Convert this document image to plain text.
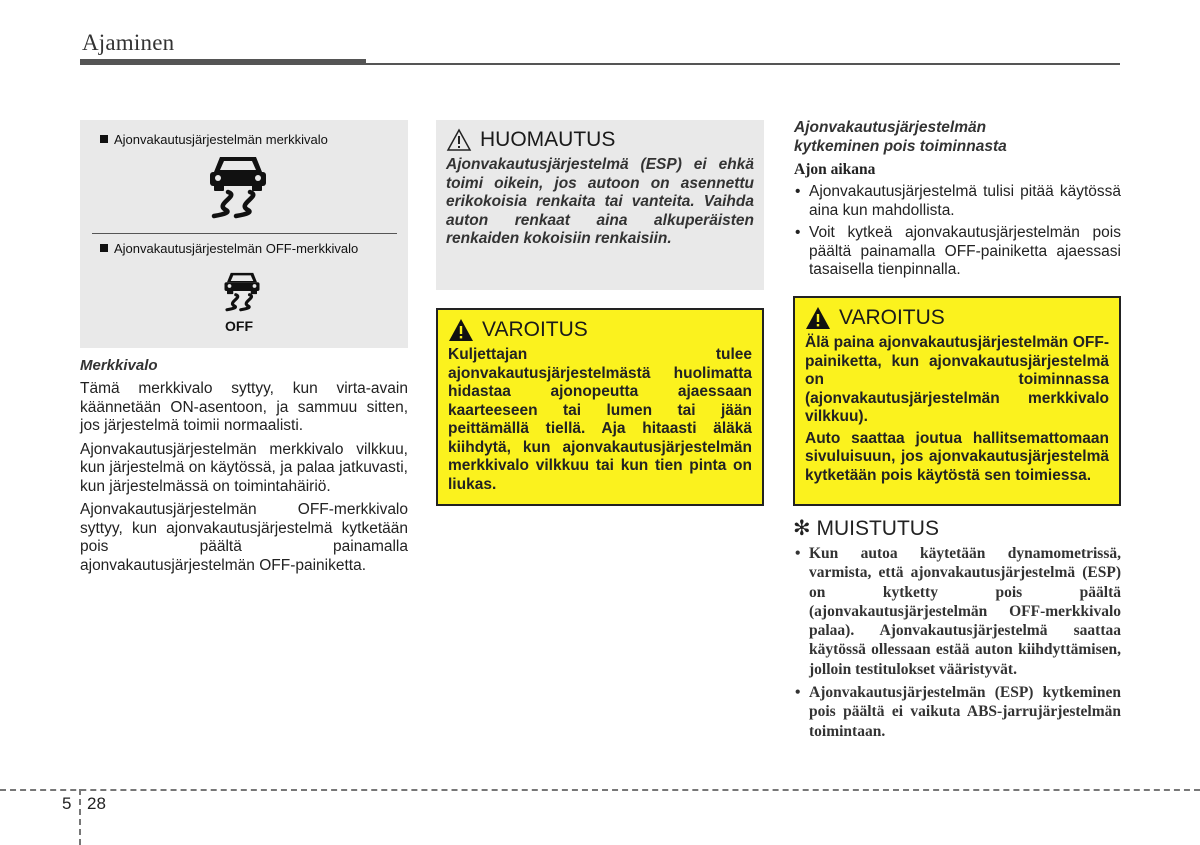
Ajaminen
Ajonvakautusjärjestelmän merkkivalo
Ajonvakautusjärjestelmän OFF-merkkivalo
OFF
Merkkivalo

Tämä merkkivalo syttyy, kun virta-avain käännetään ON-asentoon, ja sammuu sitten, jos järjestelmä toimii normaalisti.

Ajonvakautusjärjestelmän merkkivalo vilkkuu, kun järjestelmä on käytössä, ja palaa jatkuvasti, kun järjestelmässä on toimintahäiriö.

Ajonvakautusjärjestelmän OFF-merkkivalo syttyy, kun ajonvakautusjärjestelmä kytketään pois päältä painamalla ajonvakautusjärjestelmän OFF-painiketta.

HUOMAUTUS
Ajonvakautusjärjestelmä (ESP) ei ehkä toimi oikein, jos autoon on asennettu erikokoisia renkaita tai vanteita. Vaihda auton renkaat aina alkuperäisten renkaiden kokoisiin renkaisiin.
VAROITUS

Kuljettajan tulee ajonvakautusjärjestelmästä huolimatta hidastaa ajonopeutta ajaessaan kaarteeseen tai lumen tai jään peittämällä tiellä. Aja hitaasti äläkä kiihdytä, kun ajonvakautusjärjestelmän merkkivalo vilkkuu tai kun tien pinta on liukas.

Ajonvakautusjärjestelmän kytkeminen pois toiminnasta
Ajon aikana
• Ajonvakautusjärjestelmä tulisi pitää käytössä aina kun mahdollista.
• Voit kytkeä ajonvakautusjärjestelmän pois päältä painamalla OFF-painiketta ajaessasi tasaisella tienpinnalla.
VAROITUS

Älä paina ajonvakautusjärjestelmän OFF-painiketta, kun ajonvakautusjärjestelmä on toiminnassa (ajonvakautusjärjestelmän merkkivalo vilkkuu).

Auto saattaa joutua hallitsemattomaan sivuluisuun, jos ajonvakautusjärjestelmä kytketään pois käytöstä sen toimiessa.

✻ MUISTUTUS
• Kun autoa käytetään dynamometrissä, varmista, että ajonvakautusjärjestelmä (ESP) on kytketty pois päältä (ajonvakautusjärjestelmän OFF-merkkivalo palaa). Ajonvakautusjärjestelmä saattaa käytössä ollessaan estää auton kiihdyttämisen, jolloin testitulokset vääristyvät.
• Ajonvakautusjärjestelmän (ESP) kytkeminen pois päältä ei vaikuta ABS-jarrujärjestelmän toimintaan.
5 28
